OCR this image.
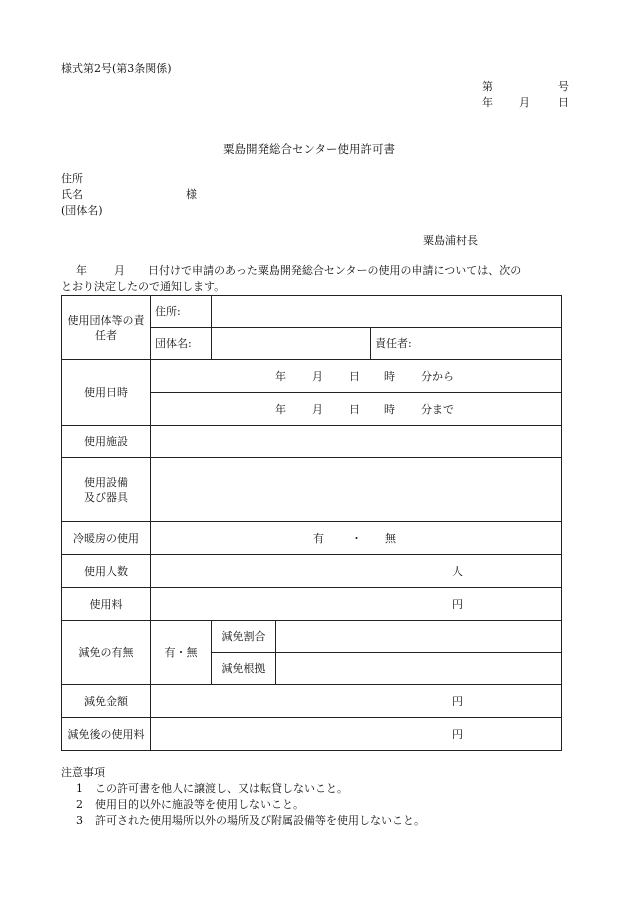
様式第2号(第3条関係)
第	号
年 月	日
粟島開発総合センター使用許可書
住所
氏名	様
(団体名)
粟島浦村長
年 月 日付けで申請のあった粟島開発総合センターの使用の申請については、次の
とおり決定したので通知します。
使用団体等の責任者	住所:			
	団体名:			責任者:
使用日時	年 月 日 時 分から			

	年 月 日 時 分まで			

使用施設				

使用設備及び器具				

冷暖房の使用	有 ・ 無			

使用人数	人			

使用料	円			

減免の有無	有・無	減免割合		
		減免根拠		
減免金額	円			

減免後の使用料	円			
注意事項
1 この許可書を他人に譲渡し、又は転貸しないこと。
2 使用目的以外に施設等を使用しないこと。
3 許可された使用場所以外の場所及び附属設備等を使用しないこと。
